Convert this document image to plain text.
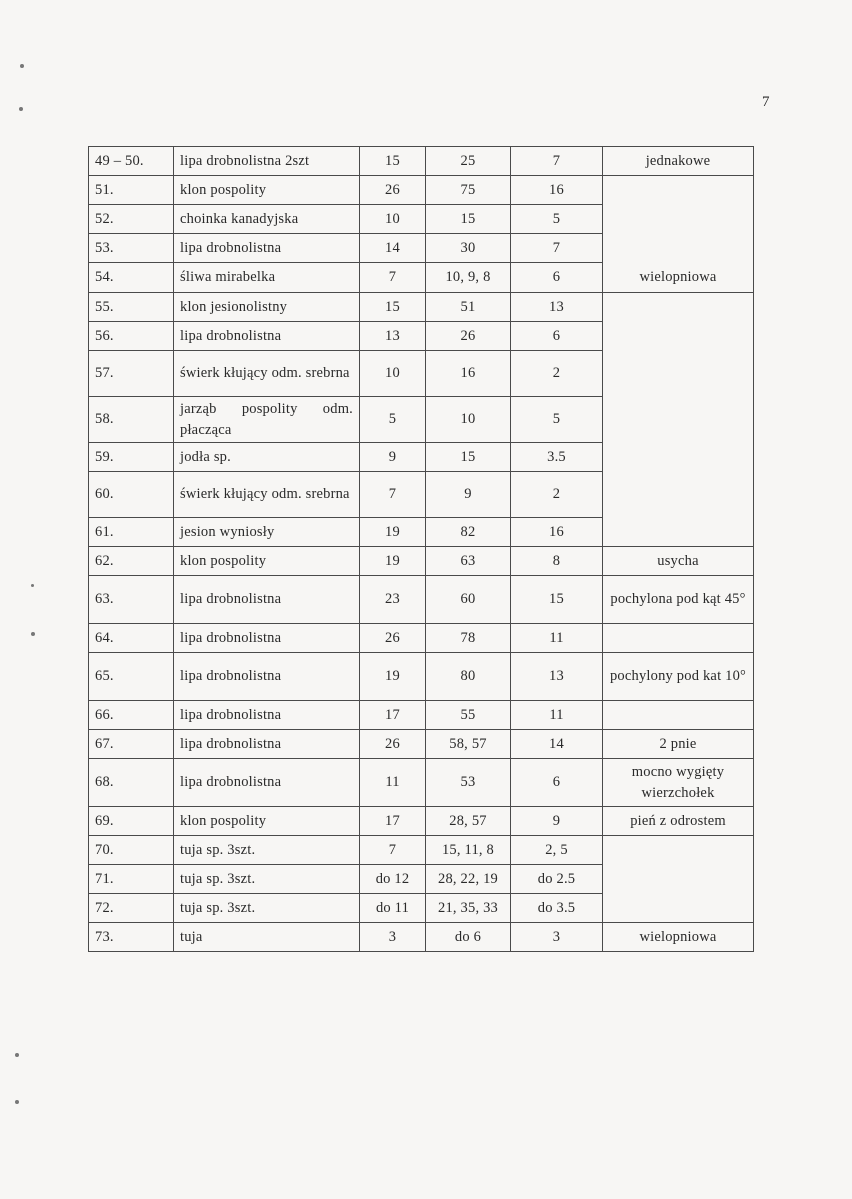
7
49 – 50.	lipa drobnolistna 2szt	15	25	7	jednakowe
51.	klon pospolity	26	75	16	
52.	choinka kanadyjska	10	15	5	
53.	lipa drobnolistna	14	30	7	
54.	śliwa mirabelka	7	10, 9, 8	6	wielopniowa
55.	klon jesionolistny	15	51	13	
56.	lipa drobnolistna	13	26	6	
57.	świerk kłujący odm. srebrna	10	16	2	
58.	jarząb pospolity odm. płacząca	5	10	5	
59.	jodła sp.	9	15	3.5	
60.	świerk kłujący odm. srebrna	7	9	2	
61.	jesion wyniosły	19	82	16	
62.	klon pospolity	19	63	8	usycha
63.	lipa drobnolistna	23	60	15	pochylona pod kąt 45°
64.	lipa drobnolistna	26	78	11	
65.	lipa drobnolistna	19	80	13	pochylony pod kat 10°
66.	lipa drobnolistna	17	55	11	
67.	lipa drobnolistna	26	58, 57	14	2 pnie
68.	lipa drobnolistna	11	53	6	mocno wygięty wierzchołek
69.	klon pospolity	17	28, 57	9	pień z odrostem
70.	tuja sp. 3szt.	7	15, 11, 8	2, 5	
71.	tuja sp. 3szt.	do 12	28, 22, 19	do 2.5	
72.	tuja sp. 3szt.	do 11	21, 35, 33	do 3.5	
73.	tuja	3	do 6	3	wielopniowa
